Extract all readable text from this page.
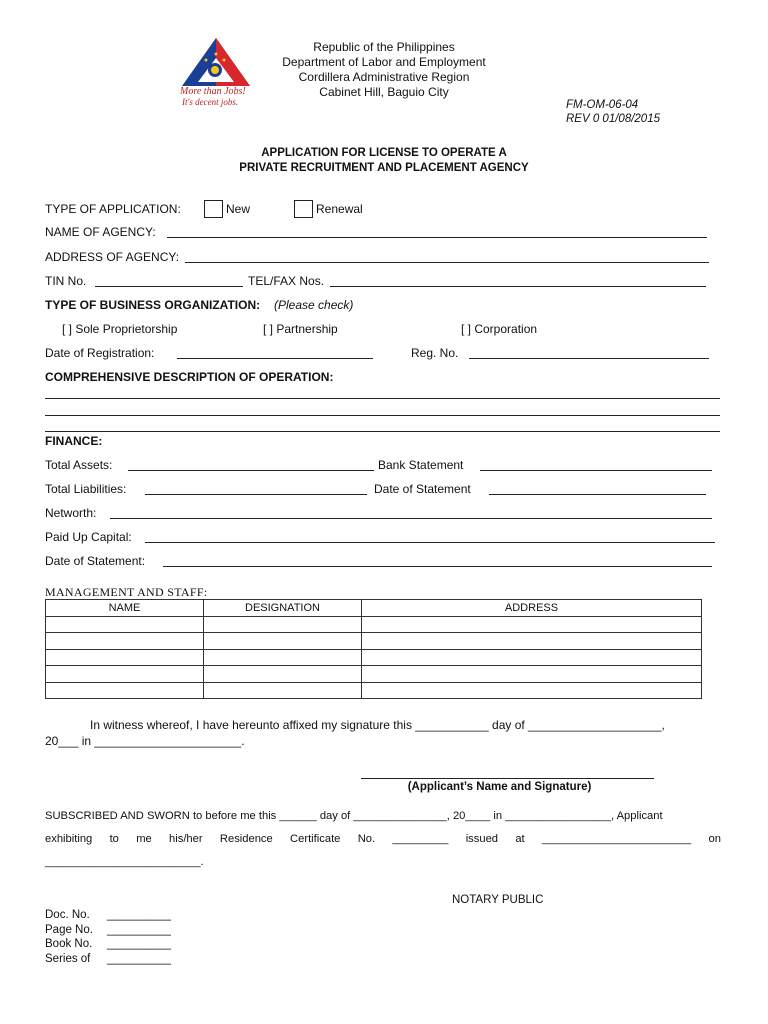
More than Jobs!
It's decent jobs.
Republic of the Philippines
Department of Labor and Employment
Cordillera Administrative Region
Cabinet Hill, Baguio City
FM-OM-06-04
REV 0 01/08/2015
APPLICATION FOR LICENSE TO OPERATE A
PRIVATE RECRUITMENT AND PLACEMENT AGENCY
TYPE OF APPLICATION:	New	Renewal
NAME OF AGENCY:
ADDRESS OF AGENCY:
TIN No.	TEL/FAX Nos.
TYPE OF BUSINESS ORGANIZATION: (Please check)
[ ] Sole Proprietorship	[ ] Partnership	[ ] Corporation
Date of Registration:	Reg. No.
COMPREHENSIVE DESCRIPTION OF OPERATION:
FINANCE:
Total Assets:	Bank Statement
Total Liabilities:	Date of Statement
Networth:
Paid Up Capital:
Date of Statement:
MANAGEMENT AND STAFF:
NAME	DESIGNATION	ADDRESS

In witness whereof, I have hereunto affixed my signature this ___________ day of ____________________,
20___ in ______________________.
(Applicant’s Name and Signature)
SUBSCRIBED AND SWORN to before me this ______ day of _______________, 20____ in _________________, Applicant
exhibiting to me his/her Residence Certificate No. _________ issued at ________________________ on
_________________________.
NOTARY PUBLIC
Doc. No.	__________
Page No.	__________
Book No.	__________
Series of	__________
